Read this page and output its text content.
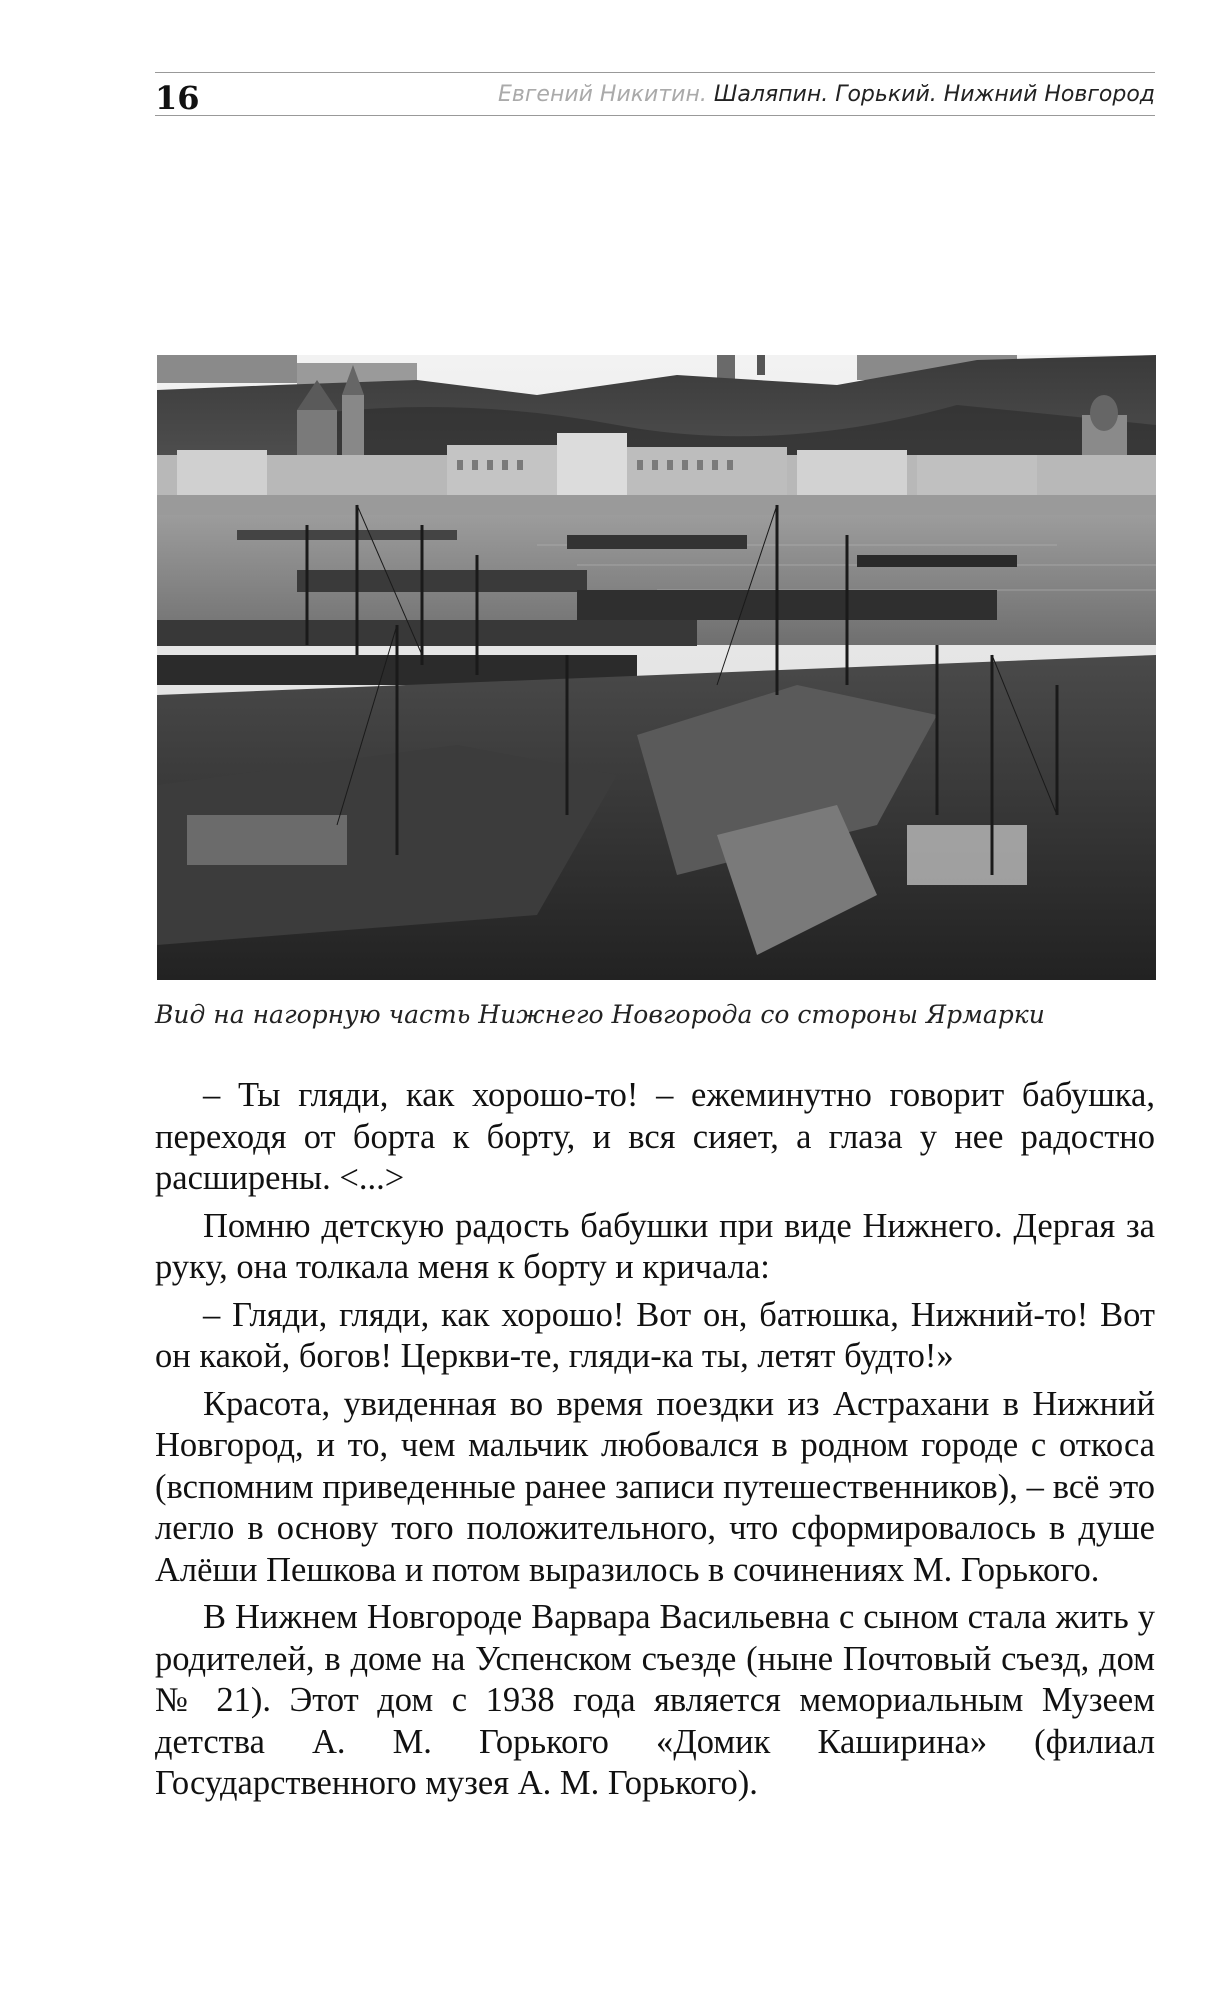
16	Евгений Никитин. Шаляпин. Горький. Нижний Новгород
Вид на нагорную часть Нижнего Новгорода со стороны Ярмарки

– Ты гляди, как хорошо-то! – ежеминутно говорит бабушка, переходя от борта к борту, и вся сияет, а глаза у нее радостно расширены. <...>

Помню детскую радость бабушки при виде Нижнего. Дергая за руку, она толкала меня к борту и кричала:

– Гляди, гляди, как хорошо! Вот он, батюшка, Нижний-то! Вот он какой, богов! Церкви-те, гляди-ка ты, летят будто!»

Красота, увиденная во время поездки из Астрахани в Нижний Новгород, и то, чем мальчик любовался в родном городе с откоса (вспомним приведенные ранее записи путешественников), – всё это легло в основу того положительного, что сформировалось в душе Алёши Пешкова и потом выразилось в сочинениях М. Горького.

В Нижнем Новгороде Варвара Васильевна с сыном стала жить у родителей, в доме на Успенском съезде (ныне Почтовый съезд, дом № 21). Этот дом с 1938 года является мемориальным Музеем детства А. М. Горького «Домик Каширина» (филиал Государственного музея А. М. Горького).
